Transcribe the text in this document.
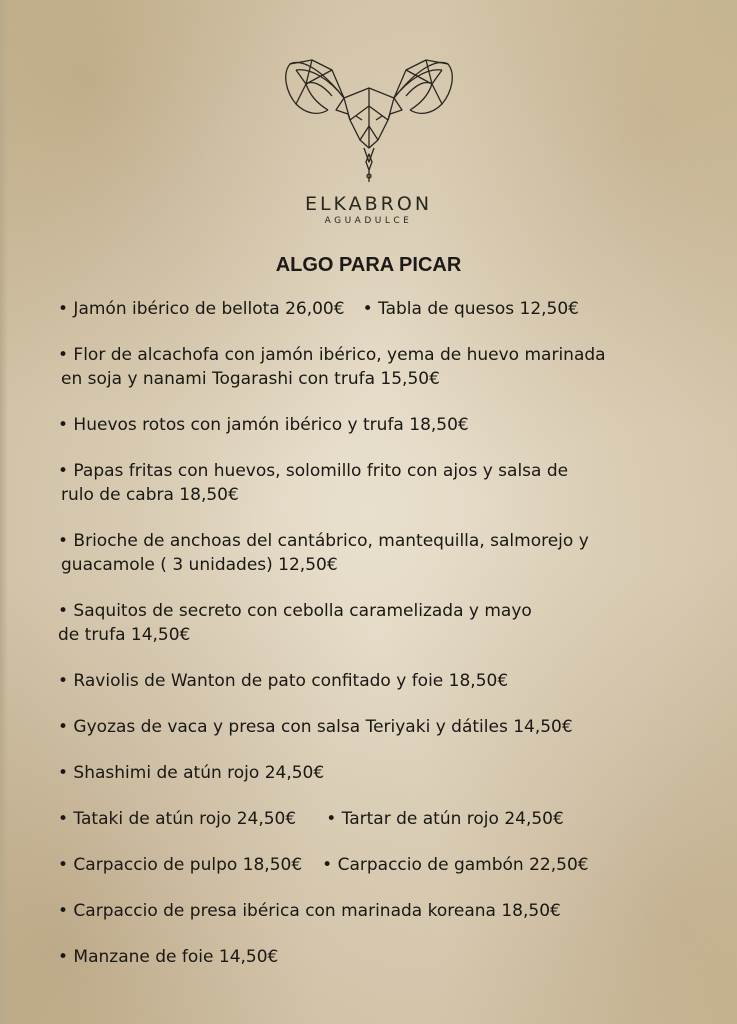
ELKABRON
AGUADULCE
ALGO PARA PICAR
• Jamón ibérico de bellota 26,00€ • Tabla de quesos 12,50€
• Flor de alcachofa con jamón ibérico, yema de huevo marinada
en soja y nanami Togarashi con trufa 15,50€
• Huevos rotos con jamón ibérico y trufa 18,50€
• Papas fritas con huevos, solomillo frito con ajos y salsa de
rulo de cabra 18,50€
• Brioche de anchoas del cantábrico, mantequilla, salmorejo y
guacamole ( 3 unidades) 12,50€
• Saquitos de secreto con cebolla caramelizada y mayo
de trufa 14,50€
• Raviolis de Wanton de pato confitado y foie 18,50€
• Gyozas de vaca y presa con salsa Teriyaki y dátiles 14,50€
• Shashimi de atún rojo 24,50€
• Tataki de atún rojo 24,50€ • Tartar de atún rojo 24,50€
• Carpaccio de pulpo 18,50€ • Carpaccio de gambón 22,50€
• Carpaccio de presa ibérica con marinada koreana 18,50€
• Manzane de foie 14,50€
